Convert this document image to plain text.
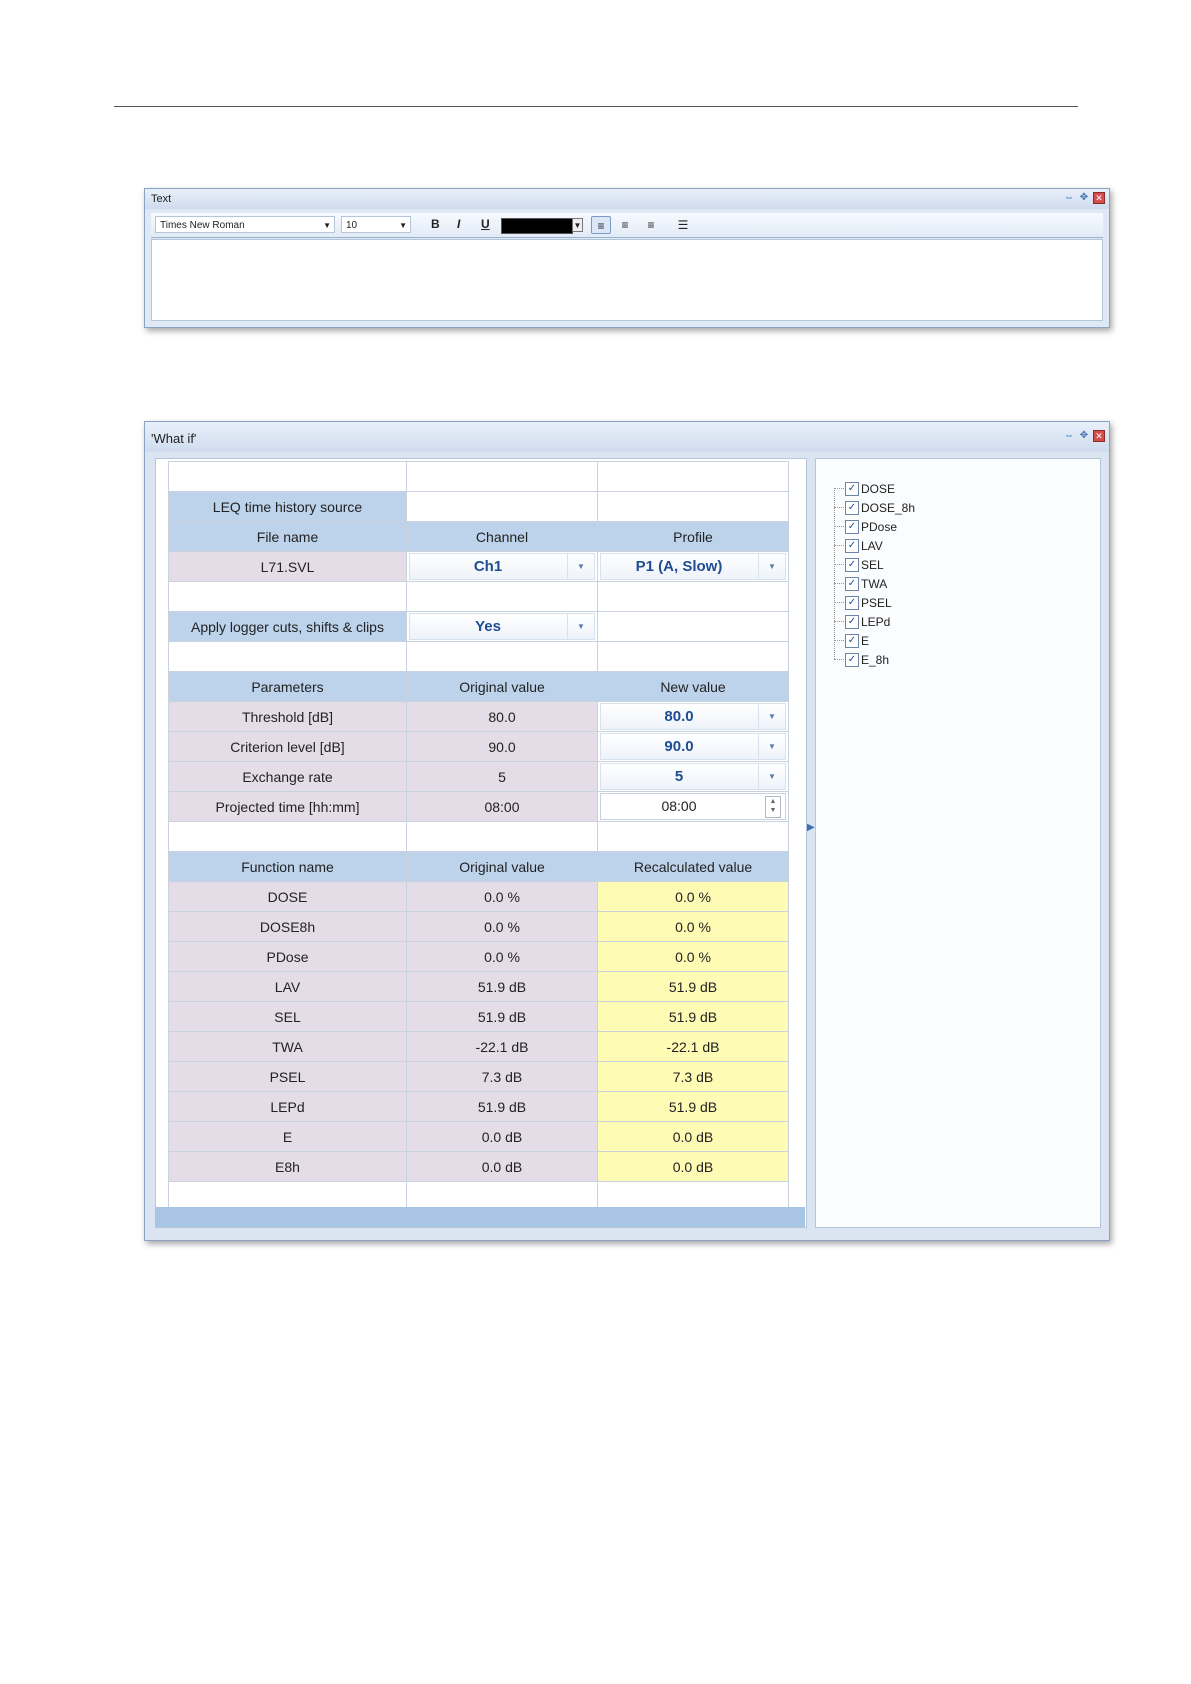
Text	⇔ ✥ ✕
Times New Roman	▼	10	▼ B I U	▼	≡	≡	≡	☰
'What if'	⇔ ✥ ✕

LEQ time history source		
File name	Channel	Profile
L71.SVL	Ch1 ▼	P1 (A, Slow) ▼

Apply logger cuts, shifts & clips	Yes ▼	

Parameters	Original value	New value
Threshold [dB]	80.0	80.0 ▼

Criterion level [dB]	90.0	90.0 ▼

Exchange rate	5	5 ▼

Projected time [hh:mm]	08:00	08:00 ▲
▼

Function name	Original value	Recalculated value
DOSE	0.0 %	0.0 %
DOSE8h	0.0 %	0.0 %
PDose	0.0 %	0.0 %
LAV	51.9 dB	51.9 dB
SEL	51.9 dB	51.9 dB
TWA	-22.1 dB	-22.1 dB
PSEL	7.3 dB	7.3 dB
LEPd	51.9 dB	51.9 dB
E	0.0 dB	0.0 dB
E8h	0.0 dB	0.0 dB

▶
✓ DOSE
✓ DOSE_8h
✓ PDose
✓ LAV
✓ SEL
✓ TWA
✓ PSEL
✓ LEPd
✓ E
✓ E_8h
